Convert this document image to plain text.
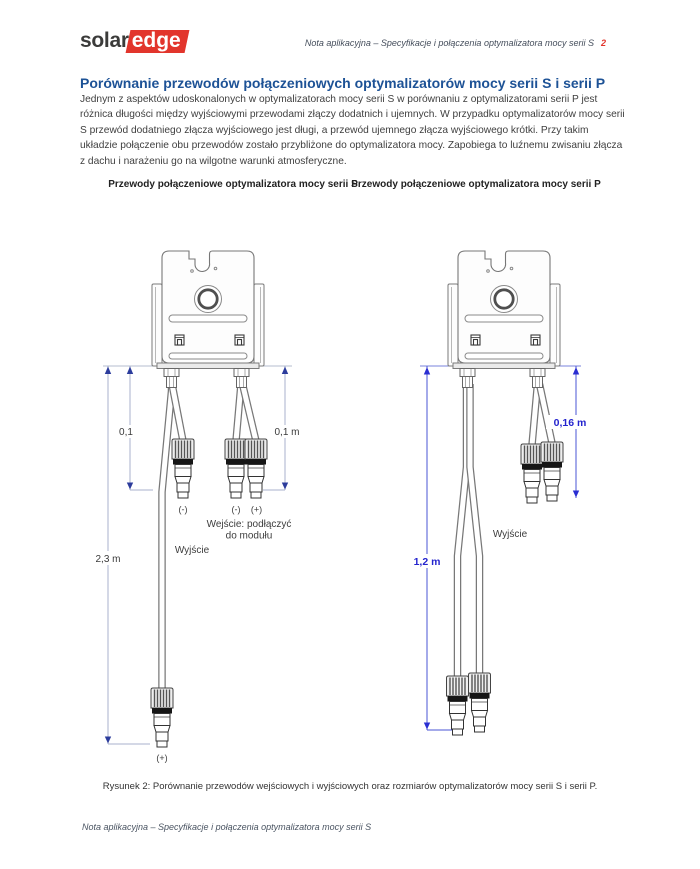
solar edge	Nota aplikacyjna – Specyfikacje i połączenia optymalizatora mocy serii S 2
Porównanie przewodów połączeniowych optymalizatorów mocy serii S i serii P
Jednym z aspektów udoskonalonych w optymalizatorach mocy serii S w porównaniu z optymalizatorami serii P jest różnica długości między wyjściowymi przewodami złączy dodatnich i ujemnych. W przypadku optymalizatorów mocy serii S przewód dodatniego złącza wyjściowego jest długi, a przewód ujemnego złącza wyjściowego krótki. Przy takim układzie połączenie obu przewodów zostało przybliżone do optymalizatora mocy. Zapobiega to luźnemu zwisaniu złącza z dachu i narażeniu go na wilgotne warunki atmosferyczne.
Przewody połączeniowe optymalizatora mocy serii S
Przewody połączeniowe optymalizatora mocy serii P
2,3 m
0,1	0,1 m
1,2 m
0,16 m
(-)	(-) (+)
Wejście: podłączyć
do modułu
Wyjście
(+)
Wyjście
Rysunek 2: Porównanie przewodów wejściowych i wyjściowych oraz rozmiarów optymalizatorów mocy serii S i serii P.
Nota aplikacyjna – Specyfikacje i połączenia optymalizatora mocy serii S
